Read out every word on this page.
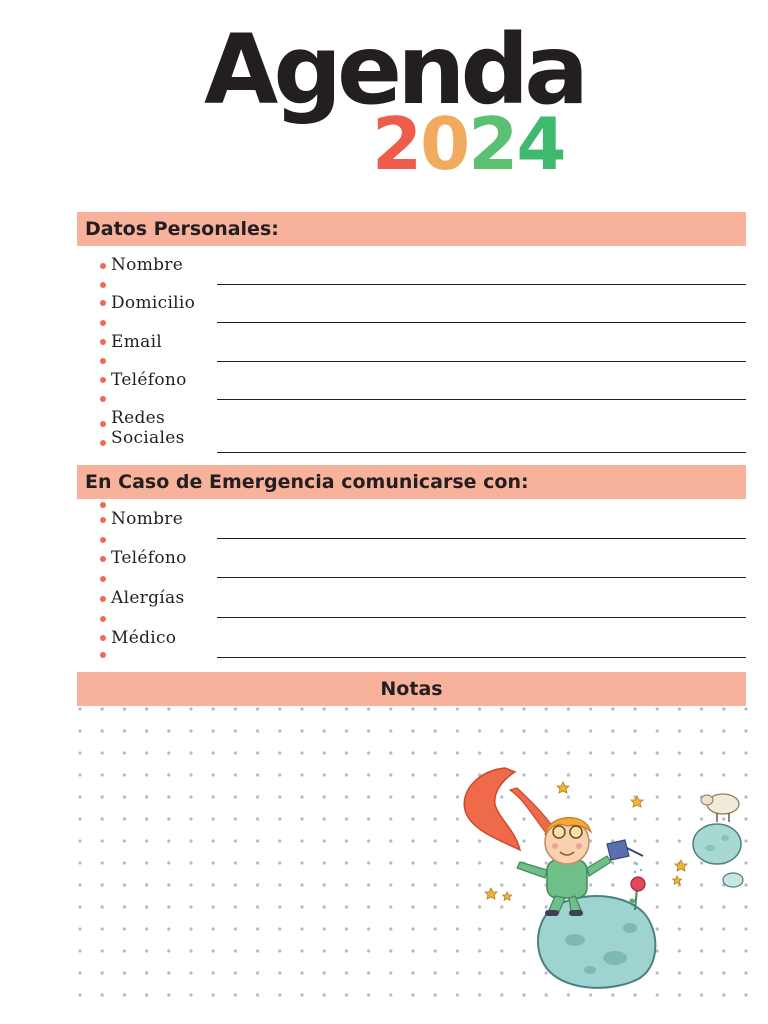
Agenda
2024
Datos Personales:
Nombre
Domicilio
Email
Teléfono
Redes Sociales
En Caso de Emergencia comunicarse con:
Nombre
Teléfono
Alergías
Médico
Notas
